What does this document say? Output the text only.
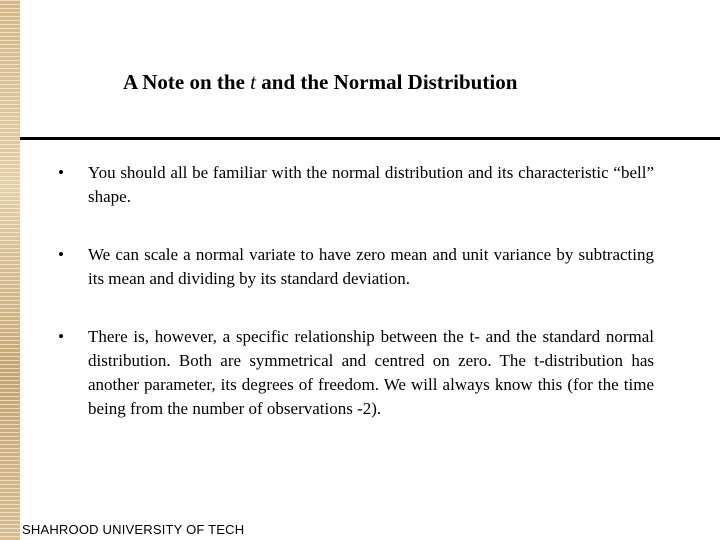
A Note on the t and the Normal Distribution
• You should all be familiar with the normal distribution and its characteristic “bell” shape.
• We can scale a normal variate to have zero mean and unit variance by subtracting its mean and dividing by its standard deviation.
• There is, however, a specific relationship between the t- and the standard normal distribution. Both are symmetrical and centred on zero. The t-distribution has another parameter, its degrees of freedom. We will always know this (for the time being from the number of observations -2).
SHAHROOD UNIVERSITY OF TECH
